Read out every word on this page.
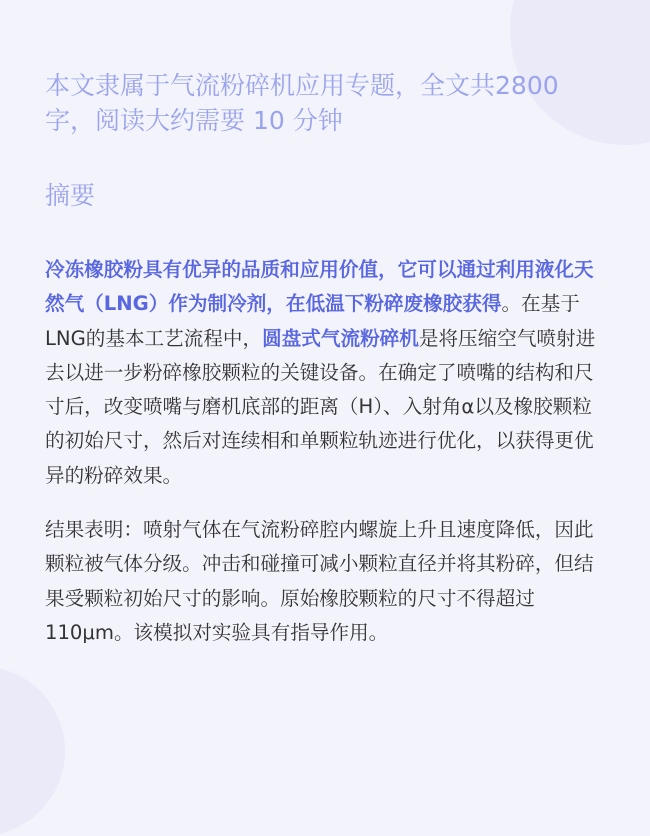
本文隶属于气流粉碎机应用专题，全文共2800字，阅读大约需要 10 分钟

摘要

冷冻橡胶粉具有优异的品质和应用价值，它可以通过利用液化天然气（LNG）作为制冷剂，在低温下粉碎废橡胶获得。在基于LNG的基本工艺流程中，圆盘式气流粉碎机是将压缩空气喷射进去以进一步粉碎橡胶颗粒的关键设备。在确定了喷嘴的结构和尺寸后，改变喷嘴与磨机底部的距离（H）、入射角α以及橡胶颗粒的初始尺寸，然后对连续相和单颗粒轨迹进行优化，以获得更优异的粉碎效果。

结果表明：喷射气体在气流粉碎腔内螺旋上升且速度降低，因此颗粒被气体分级。冲击和碰撞可减小颗粒直径并将其粉碎，但结果受颗粒初始尺寸的影响。原始橡胶颗粒的尺寸不得超过110μm。该模拟对实验具有指导作用。
